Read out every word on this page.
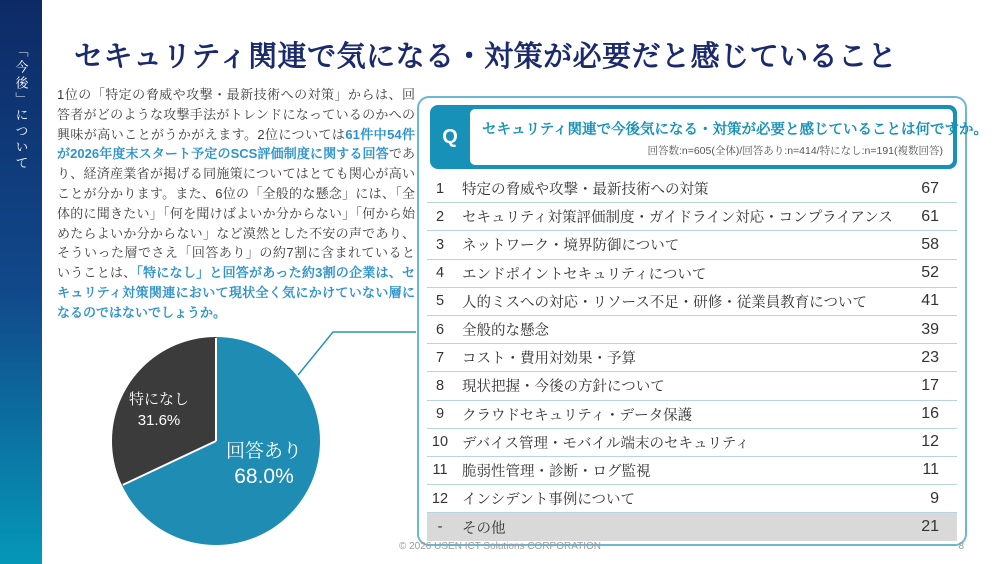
「今後」について セキュリティ関連で気になる・対策が必要だと感じていること
1位の「特定の脅威や攻撃・最新技術への対策」からは、回答者がどのような攻撃手法がトレンドになっているのかへの興味が高いことがうかがえます。2位については61件中54件が2026年度末スタート予定のSCS評価制度に関する回答であり、経済産業省が掲げる同施策についてはとても関心が高いことが分かります。また、6位の「全般的な懸念」には、「全体的に聞きたい」「何を聞けばよいか分からない」「何から始めたらよいか分からない」など漠然とした不安の声であり、そういった層でさえ「回答あり」の約7割に含まれているということは、「特になし」と回答があった約3割の企業は、セキュリティ対策関連において現状全く気にかけていない層になるのではないでしょうか。
特になし
31.6%
回答あり
68.0%
Q	セキュリティ関連で今後気になる・対策が必要と感じていることは何ですか。
回答数:n=605(全体)/回答あり:n=414/特になし:n=191(複数回答)
1	特定の脅威や攻撃・最新技術への対策	67
2	セキュリティ対策評価制度・ガイドライン対応・コンプライアンス	61
3	ネットワーク・境界防御について	58
4	エンドポイントセキュリティについて	52
5	人的ミスへの対応・リソース不足・研修・従業員教育について	41
6	全般的な懸念	39
7	コスト・費用対効果・予算	23
8	現状把握・今後の方針について	17
9	クラウドセキュリティ・データ保護	16
10 デバイス管理・モバイル端末のセキュリティ	12
11 脆弱性管理・診断・ログ監視	11
12 インシデント事例について	9
-	その他	21
© 2026 USEN ICT Solutions CORPORATION	8
